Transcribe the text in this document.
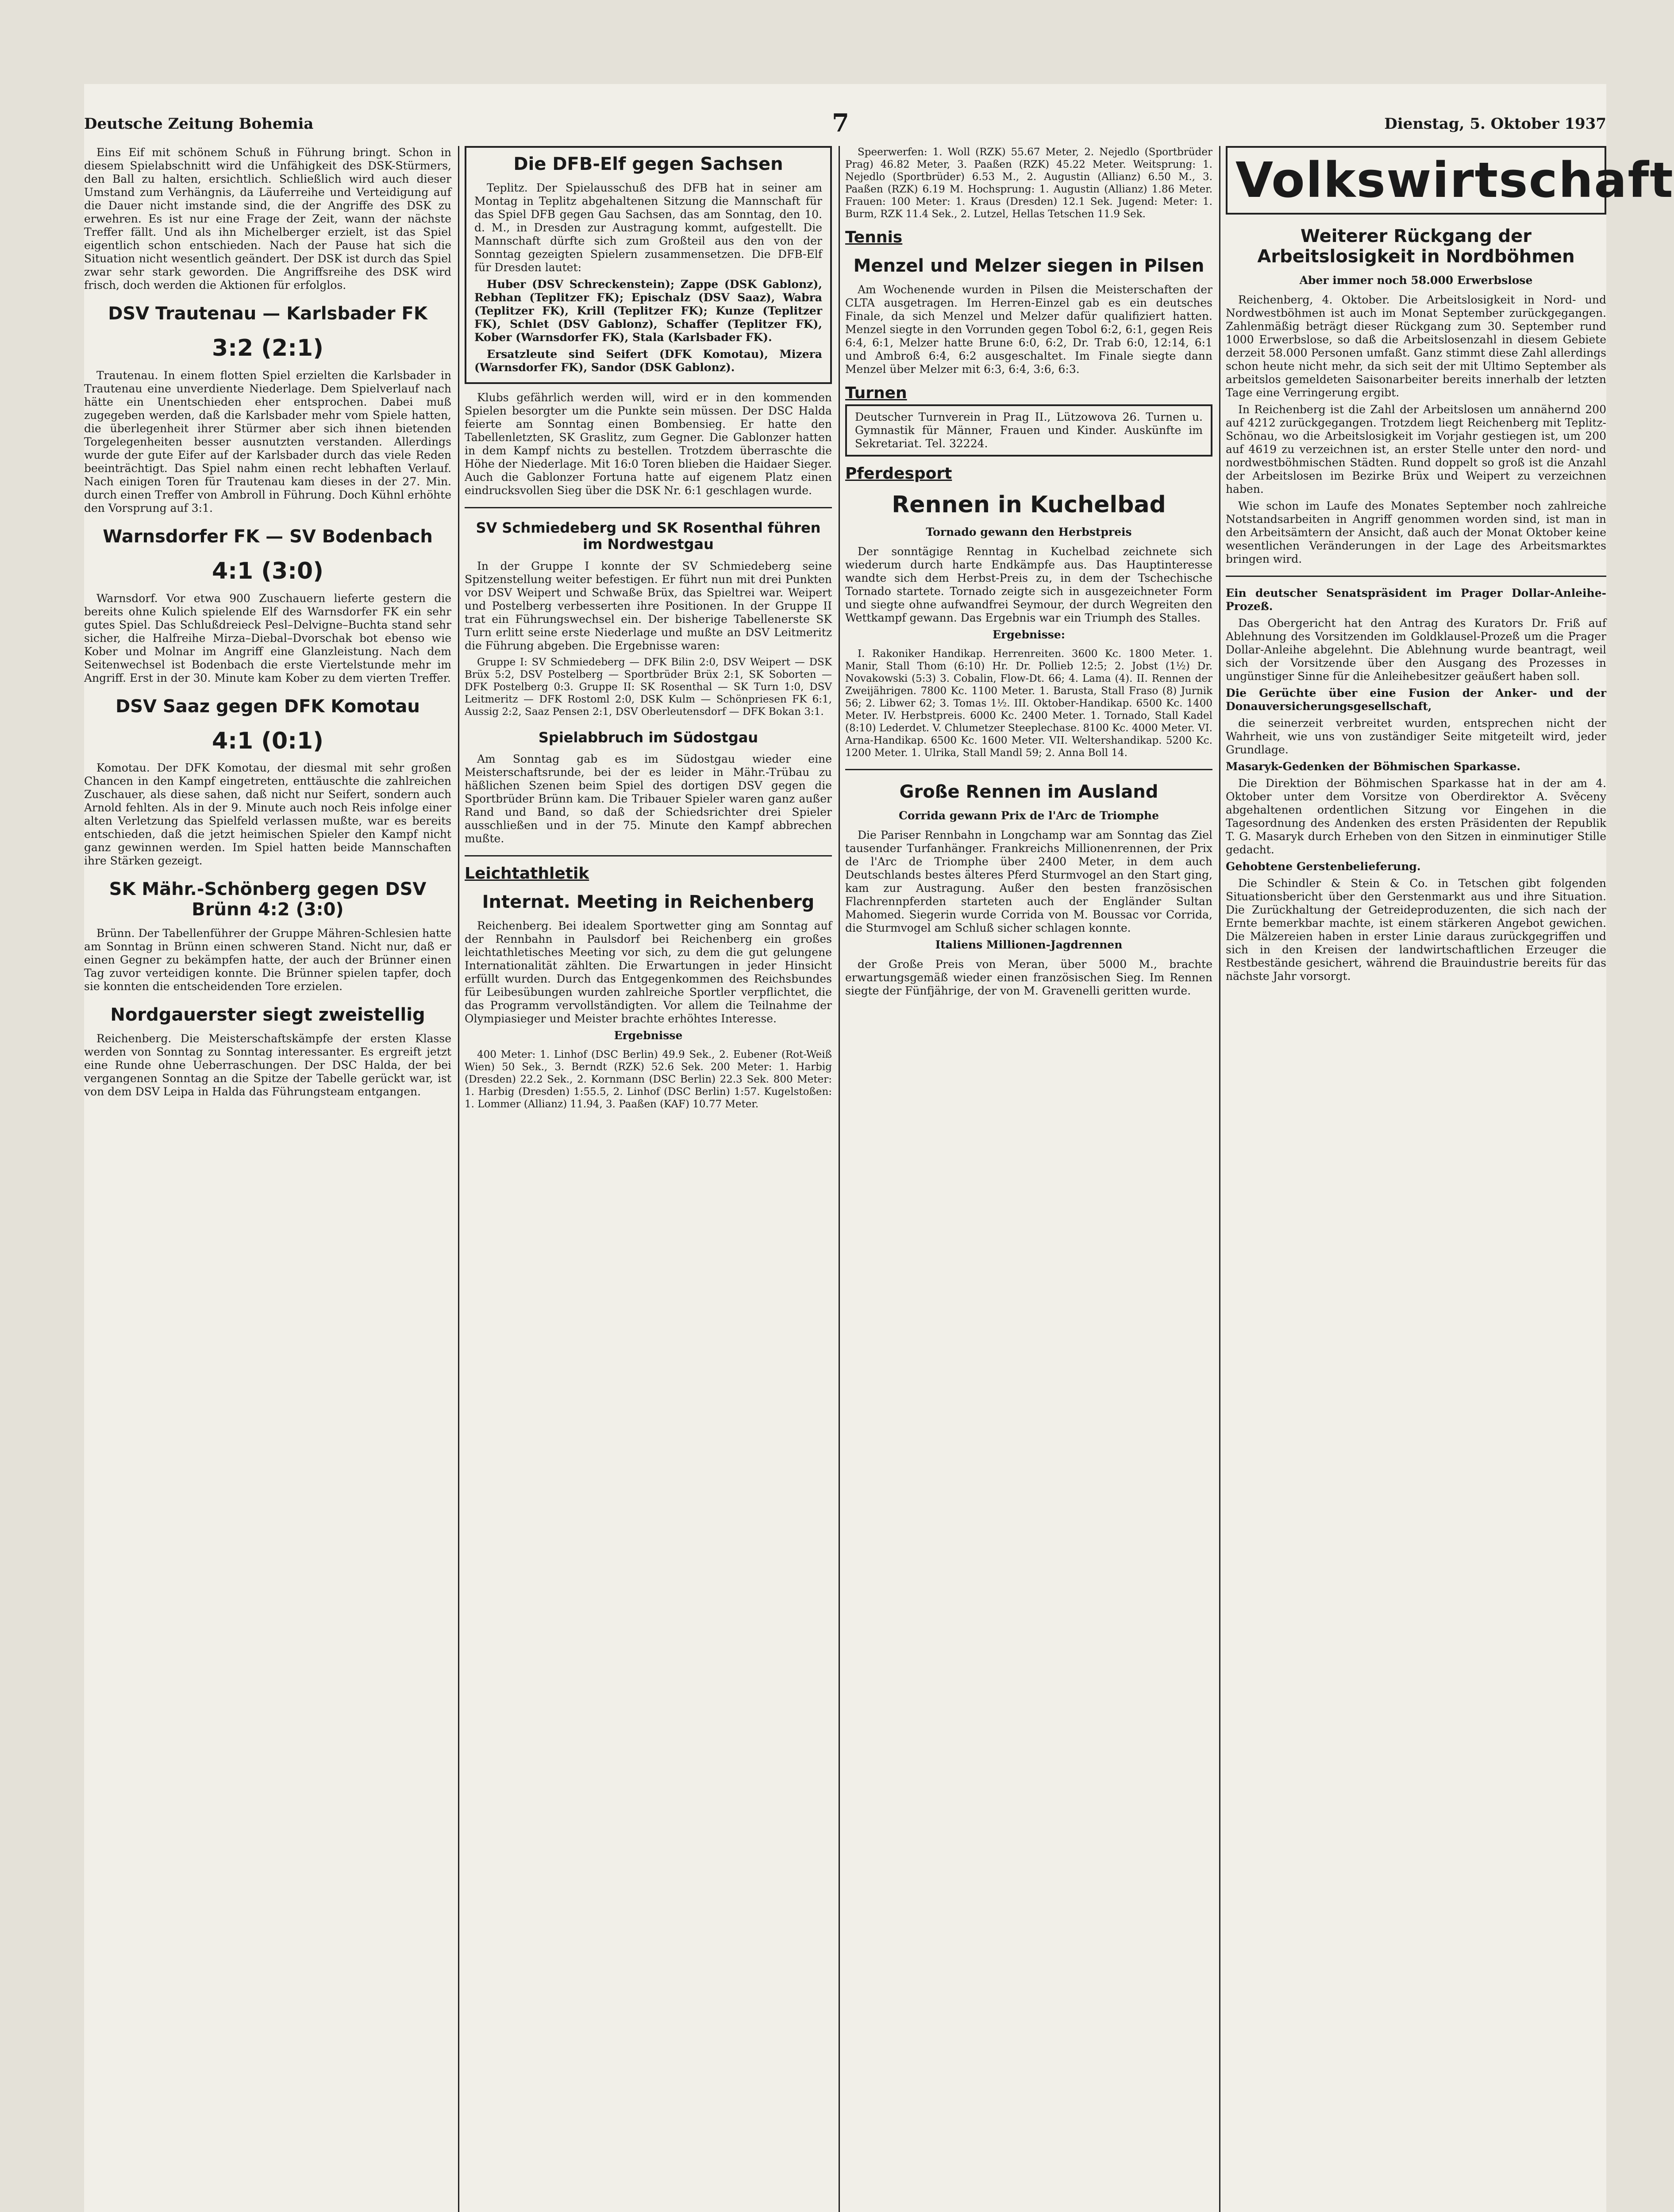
Deutsche Zeitung Bohemia	7	Dienstag, 5. Oktober 1937

Eins Eif mit schönem Schuß in Führung bringt. Schon in diesem Spielabschnitt wird die Unfähigkeit des DSK-Stürmers, den Ball zu halten, ersichtlich. Schließlich wird auch dieser Umstand zum Verhängnis, da Läuferreihe und Verteidigung auf die Dauer nicht imstande sind, die der Angriffe des DSK zu erwehren. Es ist nur eine Frage der Zeit, wann der nächste Treffer fällt. Und als ihn Michelberger erzielt, ist das Spiel eigentlich schon entschieden. Nach der Pause hat sich die Situation nicht wesentlich geändert. Der DSK ist durch das Spiel zwar sehr stark geworden. Die Angriffsreihe des DSK wird frisch, doch werden die Aktionen für erfolglos.

DSV Trautenau — Karlsbader FK
3:2 (2:1)

Trautenau. In einem flotten Spiel erzielten die Karlsbader in Trautenau eine unverdiente Niederlage. Dem Spielverlauf nach hätte ein Unentschieden eher entsprochen. Dabei muß zugegeben werden, daß die Karlsbader mehr vom Spiele hatten, die überlegenheit ihrer Stürmer aber sich ihnen bietenden Torgelegenheiten besser ausnutzten verstanden. Allerdings wurde der gute Eifer auf der Karlsbader durch das viele Reden beeinträchtigt. Das Spiel nahm einen recht lebhaften Verlauf. Nach einigen Toren für Trautenau kam dieses in der 27. Min. durch einen Treffer von Ambroll in Führung. Doch Kühnl erhöhte den Vorsprung auf 3:1.

Warnsdorfer FK — SV Bodenbach
4:1 (3:0)

Warnsdorf. Vor etwa 900 Zuschauern lieferte gestern die bereits ohne Kulich spielende Elf des Warnsdorfer FK ein sehr gutes Spiel. Das Schlußdreieck Pesl–Delvigne–Buchta stand sehr sicher, die Halfreihe Mirza–Diebal–Dvorschak bot ebenso wie Kober und Molnar im Angriff eine Glanzleistung. Nach dem Seitenwechsel ist Bodenbach die erste Viertelstunde mehr im Angriff. Erst in der 30. Minute kam Kober zu dem vierten Treffer.

DSV Saaz gegen DFK Komotau
4:1 (0:1)

Komotau. Der DFK Komotau, der diesmal mit sehr großen Chancen in den Kampf eingetreten, enttäuschte die zahlreichen Zuschauer, als diese sahen, daß nicht nur Seifert, sondern auch Arnold fehlten. Als in der 9. Minute auch noch Reis infolge einer alten Verletzung das Spielfeld verlassen mußte, war es bereits entschieden, daß die jetzt heimischen Spieler den Kampf nicht ganz gewinnen werden. Im Spiel hatten beide Mannschaften ihre Stärken gezeigt.

SK Mähr.-Schönberg gegen DSV Brünn 4:2 (3:0)

Brünn. Der Tabellenführer der Gruppe Mähren-Schlesien hatte am Sonntag in Brünn einen schweren Stand. Nicht nur, daß er einen Gegner zu bekämpfen hatte, der auch der Brünner einen Tag zuvor verteidigen konnte. Die Brünner spielen tapfer, doch sie konnten die entscheidenden Tore erzielen.

Nordgauerster siegt zweistellig

Reichenberg. Die Meisterschaftskämpfe der ersten Klasse werden von Sonntag zu Sonntag interessanter. Es ergreift jetzt eine Runde ohne Ueberraschungen. Der DSC Halda, der bei vergangenen Sonntag an die Spitze der Tabelle gerückt war, ist von dem DSV Leipa in Halda das Führungsteam entgangen.

Die DFB-Elf gegen Sachsen

Teplitz. Der Spielausschuß des DFB hat in seiner am Montag in Teplitz abgehaltenen Sitzung die Mannschaft für das Spiel DFB gegen Gau Sachsen, das am Sonntag, den 10. d. M., in Dresden zur Austragung kommt, aufgestellt. Die Mannschaft dürfte sich zum Großteil aus den von der Sonntag gezeigten Spielern zusammensetzen. Die DFB-Elf für Dresden lautet:

Huber (DSV Schreckenstein); Zappe (DSK Gablonz), Rebhan (Teplitzer FK); Epischalz (DSV Saaz), Wabra (Teplitzer FK), Krill (Teplitzer FK); Kunze (Teplitzer FK), Schlet (DSV Gablonz), Schaffer (Teplitzer FK), Kober (Warnsdorfer FK), Stala (Karlsbader FK).

Ersatzleute sind Seifert (DFK Komotau), Mizera (Warnsdorfer FK), Sandor (DSK Gablonz).

Klubs gefährlich werden will, wird er in den kommenden Spielen besorgter um die Punkte sein müssen. Der DSC Halda feierte am Sonntag einen Bombensieg. Er hatte den Tabellenletzten, SK Graslitz, zum Gegner. Die Gablonzer hatten in dem Kampf nichts zu bestellen. Trotzdem überraschte die Höhe der Niederlage. Mit 16:0 Toren blieben die Haidaer Sieger. Auch die Gablonzer Fortuna hatte auf eigenem Platz einen eindrucksvollen Sieg über die DSK Nr. 6:1 geschlagen wurde.

SV Schmiedeberg und SK Rosenthal führen im Nordwestgau

In der Gruppe I konnte der SV Schmiedeberg seine Spitzenstellung weiter befestigen. Er führt nun mit drei Punkten vor DSV Weipert und Schwaße Brüx, das Spieltrei war. Weipert und Postelberg verbesserten ihre Positionen. In der Gruppe II trat ein Führungswechsel ein. Der bisherige Tabellenerste SK Turn erlitt seine erste Niederlage und mußte an DSV Leitmeritz die Führung abgeben. Die Ergebnisse waren:

Gruppe I: SV Schmiedeberg — DFK Bilin 2:0, DSV Weipert — DSK Brüx 5:2, DSV Postelberg — Sportbrüder Brüx 2:1, SK Soborten — DFK Postelberg 0:3. Gruppe II: SK Rosenthal — SK Turn 1:0, DSV Leitmeritz — DFK Rostoml 2:0, DSK Kulm — Schönpriesen FK 6:1, Aussig 2:2, Saaz Pensen 2:1, DSV Oberleutensdorf — DFK Bokan 3:1.

Spielabbruch im Südostgau

Am Sonntag gab es im Südostgau wieder eine Meisterschaftsrunde, bei der es leider in Mähr.-Trübau zu häßlichen Szenen beim Spiel des dortigen DSV gegen die Sportbrüder Brünn kam. Die Tribauer Spieler waren ganz außer Rand und Band, so daß der Schiedsrichter drei Spieler ausschließen und in der 75. Minute den Kampf abbrechen mußte.

Leichtathletik
Internat. Meeting in Reichenberg

Reichenberg. Bei idealem Sportwetter ging am Sonntag auf der Rennbahn in Paulsdorf bei Reichenberg ein großes leichtathletisches Meeting vor sich, zu dem die gut gelungene Internationalität zählten. Die Erwartungen in jeder Hinsicht erfüllt wurden. Durch das Entgegenkommen des Reichsbundes für Leibesübungen wurden zahlreiche Sportler verpflichtet, die das Programm vervollständigten. Vor allem die Teilnahme der Olympiasieger und Meister brachte erhöhtes Interesse.

Ergebnisse

400 Meter: 1. Linhof (DSC Berlin) 49.9 Sek., 2. Eubener (Rot-Weiß Wien) 50 Sek., 3. Berndt (RZK) 52.6 Sek. 200 Meter: 1. Harbig (Dresden) 22.2 Sek., 2. Kornmann (DSC Berlin) 22.3 Sek. 800 Meter: 1. Harbig (Dresden) 1:55.5, 2. Linhof (DSC Berlin) 1:57. Kugelstoßen: 1. Lommer (Allianz) 11.94, 3. Paaßen (KAF) 10.77 Meter.

Speerwerfen: 1. Woll (RZK) 55.67 Meter, 2. Nejedlo (Sportbrüder Prag) 46.82 Meter, 3. Paaßen (RZK) 45.22 Meter. Weitsprung: 1. Nejedlo (Sportbrüder) 6.53 M., 2. Augustin (Allianz) 6.50 M., 3. Paaßen (RZK) 6.19 M. Hochsprung: 1. Augustin (Allianz) 1.86 Meter. Frauen: 100 Meter: 1. Kraus (Dresden) 12.1 Sek. Jugend: Meter: 1. Burm, RZK 11.4 Sek., 2. Lutzel, Hellas Tetschen 11.9 Sek.

Tennis
Menzel und Melzer siegen in Pilsen

Am Wochenende wurden in Pilsen die Meisterschaften der CLTA ausgetragen. Im Herren-Einzel gab es ein deutsches Finale, da sich Menzel und Melzer dafür qualifiziert hatten. Menzel siegte in den Vorrunden gegen Tobol 6:2, 6:1, gegen Reis 6:4, 6:1, Melzer hatte Brune 6:0, 6:2, Dr. Trab 6:0, 12:14, 6:1 und Ambroß 6:4, 6:2 ausgeschaltet. Im Finale siegte dann Menzel über Melzer mit 6:3, 6:4, 3:6, 6:3.

Turnen

Deutscher Turnverein in Prag II., Lützowova 26. Turnen u. Gymnastik für Männer, Frauen und Kinder. Auskünfte im Sekretariat. Tel. 32224.

Pferdesport
Rennen in Kuchelbad
Tornado gewann den Herbstpreis

Der sonntägige Renntag in Kuchelbad zeichnete sich wiederum durch harte Endkämpfe aus. Das Hauptinteresse wandte sich dem Herbst-Preis zu, in dem der Tschechische Tornado startete. Tornado zeigte sich in ausgezeichneter Form und siegte ohne aufwandfrei Seymour, der durch Wegreiten den Wettkampf gewann. Das Ergebnis war ein Triumph des Stalles.

Ergebnisse:

I. Rakoniker Handikap. Herrenreiten. 3600 Kc. 1800 Meter. 1. Manir, Stall Thom (6:10) Hr. Dr. Pollieb 12:5; 2. Jobst (1½) Dr. Novakowski (5:3) 3. Cobalin, Flow-Dt. 66; 4. Lama (4). II. Rennen der Zweijährigen. 7800 Kc. 1100 Meter. 1. Barusta, Stall Fraso (8) Jurnik 56; 2. Libwer 62; 3. Tomas 1½. III. Oktober-Handikap. 6500 Kc. 1400 Meter. IV. Herbstpreis. 6000 Kc. 2400 Meter. 1. Tornado, Stall Kadel (8:10) Lederdet. V. Chlumetzer Steeplechase. 8100 Kc. 4000 Meter. VI. Arna-Handikap. 6500 Kc. 1600 Meter. VII. Weltershandikap. 5200 Kc. 1200 Meter. 1. Ulrika, Stall Mandl 59; 2. Anna Boll 14.

Große Rennen im Ausland
Corrida gewann Prix de l'Arc de Triomphe

Die Pariser Rennbahn in Longchamp war am Sonntag das Ziel tausender Turfanhänger. Frankreichs Millionenrennen, der Prix de l'Arc de Triomphe über 2400 Meter, in dem auch Deutschlands bestes älteres Pferd Sturmvogel an den Start ging, kam zur Austragung. Außer den besten französischen Flachrennpferden starteten auch der Engländer Sultan Mahomed. Siegerin wurde Corrida von M. Boussac vor Corrida, die Sturmvogel am Schluß sicher schlagen konnte.

Italiens Millionen-Jagdrennen

der Große Preis von Meran, über 5000 M., brachte erwartungsgemäß wieder einen französischen Sieg. Im Rennen siegte der Fünfjährige, der von M. Gravenelli geritten wurde.

Volkswirtschaft
Weiterer Rückgang der Arbeitslosigkeit in Nordböhmen
Aber immer noch 58.000 Erwerbslose

Reichenberg, 4. Oktober. Die Arbeitslosigkeit in Nord- und Nordwestböhmen ist auch im Monat September zurückgegangen. Zahlenmäßig beträgt dieser Rückgang zum 30. September rund 1000 Erwerbslose, so daß die Arbeitslosenzahl in diesem Gebiete derzeit 58.000 Personen umfaßt. Ganz stimmt diese Zahl allerdings schon heute nicht mehr, da sich seit der mit Ultimo September als arbeitslos gemeldeten Saisonarbeiter bereits innerhalb der letzten Tage eine Verringerung ergibt.

In Reichenberg ist die Zahl der Arbeitslosen um annähernd 200 auf 4212 zurückgegangen. Trotzdem liegt Reichenberg mit Teplitz-Schönau, wo die Arbeitslosigkeit im Vorjahr gestiegen ist, um 200 auf 4619 zu verzeichnen ist, an erster Stelle unter den nord- und nordwestböhmischen Städten. Rund doppelt so groß ist die Anzahl der Arbeitslosen im Bezirke Brüx und Weipert zu verzeichnen haben.

Wie schon im Laufe des Monates September noch zahlreiche Notstandsarbeiten in Angriff genommen worden sind, ist man in den Arbeitsämtern der Ansicht, daß auch der Monat Oktober keine wesentlichen Veränderungen in der Lage des Arbeitsmarktes bringen wird.

Ein deutscher Senatspräsident im Prager Dollar-Anleihe-Prozeß.

Das Obergericht hat den Antrag des Kurators Dr. Friß auf Ablehnung des Vorsitzenden im Goldklausel-Prozeß um die Prager Dollar-Anleihe abgelehnt. Die Ablehnung wurde beantragt, weil sich der Vorsitzende über den Ausgang des Prozesses in ungünstiger Sinne für die Anleihebesitzer geäußert haben soll.

Die Gerüchte über eine Fusion der Anker- und der Donauversicherungsgesellschaft,

die seinerzeit verbreitet wurden, entsprechen nicht der Wahrheit, wie uns von zuständiger Seite mitgeteilt wird, jeder Grundlage.

Masaryk-Gedenken der Böhmischen Sparkasse.

Die Direktion der Böhmischen Sparkasse hat in der am 4. Oktober unter dem Vorsitze von Oberdirektor A. Svěceny abgehaltenen ordentlichen Sitzung vor Eingehen in die Tagesordnung des Andenken des ersten Präsidenten der Republik T. G. Masaryk durch Erheben von den Sitzen in einminutiger Stille gedacht.

Gehobtene Gerstenbelieferung.

Die Schindler & Stein & Co. in Tetschen gibt folgenden Situationsbericht über den Gerstenmarkt aus und ihre Situation. Die Zurückhaltung der Getreideproduzenten, die sich nach der Ernte bemerkbar machte, ist einem stärkeren Angebot gewichen. Die Mälzereien haben in erster Linie daraus zurückgegriffen und sich in den Kreisen der landwirtschaftlichen Erzeuger die Restbestände gesichert, während die Brauindustrie bereits für das nächste Jahr vorsorgt.
